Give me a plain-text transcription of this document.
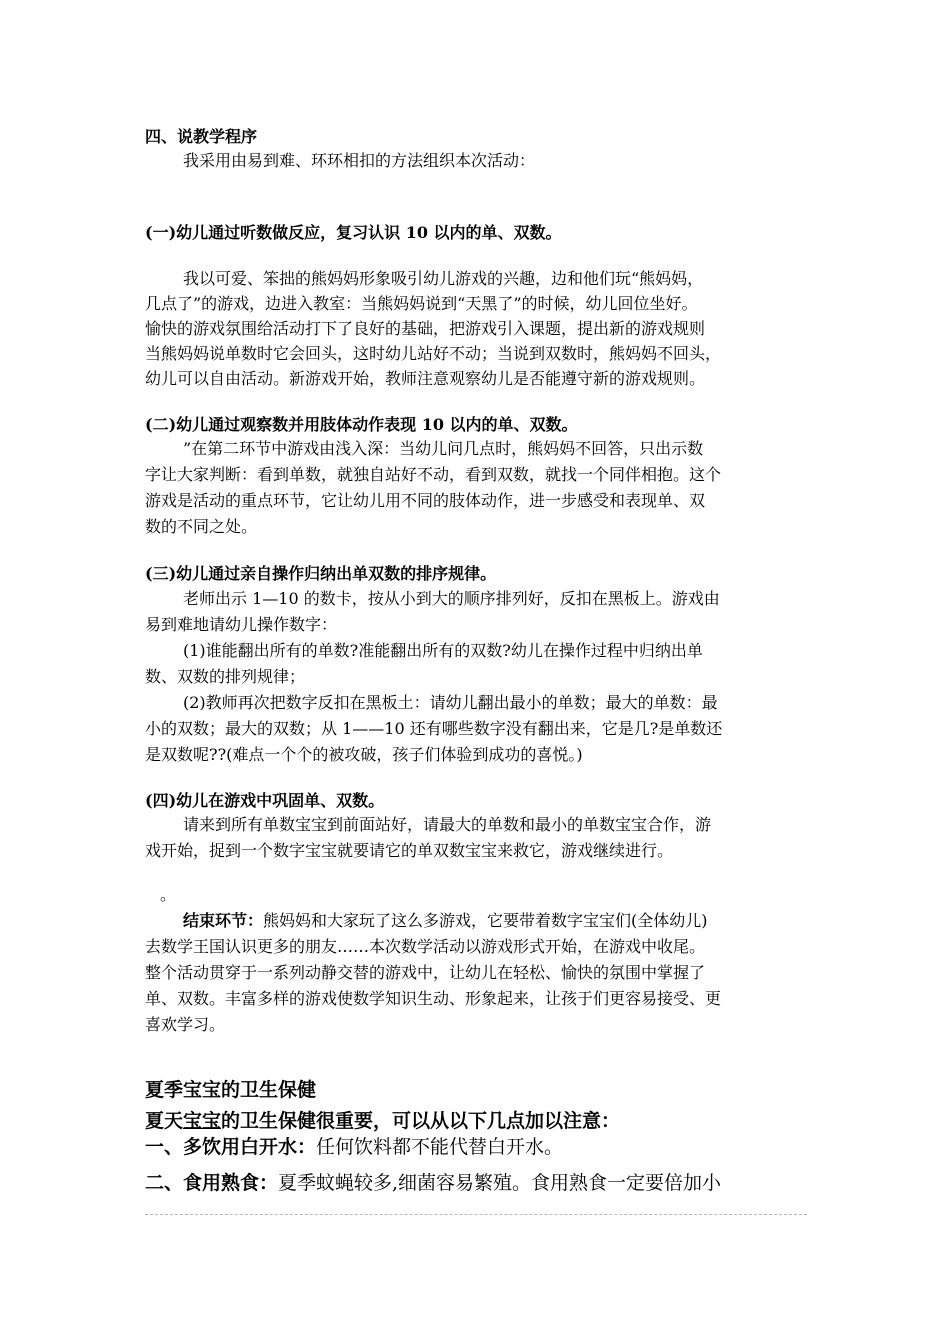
四、说教学程序
我采用由易到难、环环相扣的方法组织本次活动：
(一)幼儿通过听数做反应，复习认识 10 以内的单、双数。
我以可爱、笨拙的熊妈妈形象吸引幼儿游戏的兴趣，边和他们玩“熊妈妈，
几点了”的游戏，边进入教室：当熊妈妈说到“天黑了”的时候，幼儿回位坐好。
愉快的游戏氛围给活动打下了良好的基础，把游戏引入课题，提出新的游戏规则
当熊妈妈说单数时它会回头，这时幼儿站好不动；当说到双数时，熊妈妈不回头，
幼儿可以自由活动。新游戏开始，教师注意观察幼儿是否能遵守新的游戏规则。
(二)幼儿通过观察数并用肢体动作表现 10 以内的单、双数。
”在第二环节中游戏由浅入深：当幼儿问几点时，熊妈妈不回答，只出示数
字让大家判断：看到单数，就独自站好不动，看到双数，就找一个同伴相抱。这个
游戏是活动的重点环节，它让幼儿用不同的肢体动作，进一步感受和表现单、双
数的不同之处。
(三)幼儿通过亲自操作归纳出单双数的排序规律。
老师出示 1—10 的数卡，按从小到大的顺序排列好，反扣在黑板上。游戏由
易到难地请幼儿操作数字：
(1)谁能翻出所有的单数?准能翻出所有的双数?幼儿在操作过程中归纳出单
数、双数的排列规律；
(2)教师再次把数字反扣在黑板土：请幼儿翻出最小的单数；最大的单数：最
小的双数；最大的双数；从 1——10 还有哪些数字没有翻出来，它是几?是单数还
是双数呢??(难点一个个的被攻破，孩子们体验到成功的喜悦。)
(四)幼儿在游戏中巩固单、双数。
请来到所有单数宝宝到前面站好，请最大的单数和最小的单数宝宝合作，游
戏开始，捉到一个数字宝宝就要请它的单双数宝宝来救它，游戏继续进行。
。
结束环节：熊妈妈和大家玩了这么多游戏，它要带着数字宝宝们(全体幼儿)
去数学王国认识更多的朋友……本次数学活动以游戏形式开始，在游戏中收尾。
整个活动贯穿于一系列动静交替的游戏中，让幼儿在轻松、愉快的氛围中掌握了
单、双数。丰富多样的游戏使数学知识生动、形象起来，让孩于们更容易接受、更
喜欢学习。
夏季宝宝的卫生保健
夏天宝宝的卫生保健很重要，可以从以下几点加以注意：
一、多饮用白开水：任何饮料都不能代替白开水。
二、食用熟食：夏季蚊蝇较多,细菌容易繁殖。食用熟食一定要倍加小
